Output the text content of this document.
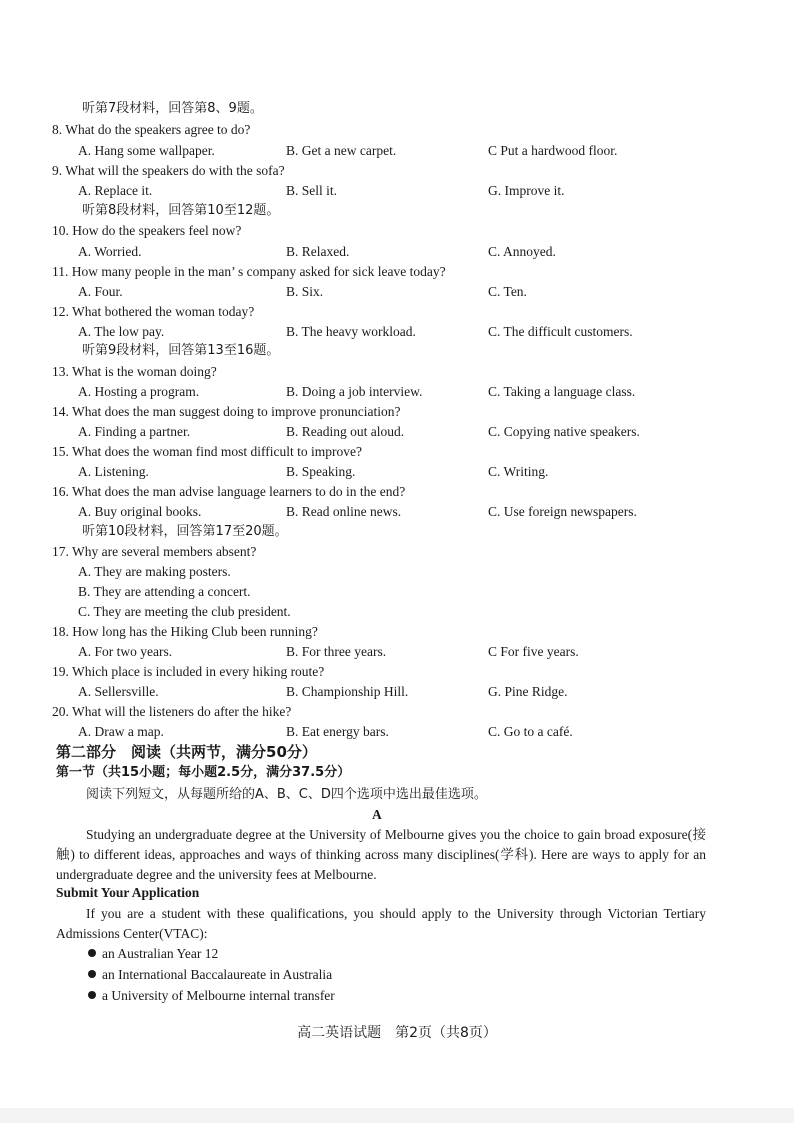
听第7段材料，回答第8、9题。
8. What do the speakers agree to do?
A. Hang some wallpaper.	B. Get a new carpet.	C Put a hardwood floor.
9. What will the speakers do with the sofa?
A. Replace it.	B. Sell it.	G. Improve it.
听第8段材料，回答第10至12题。
10. How do the speakers feel now?
A. Worried.	B. Relaxed.	C. Annoyed.
11. How many people in the man’ s company asked for sick leave today?
A. Four.	B. Six.	C. Ten.
12. What bothered the woman today?
A. The low pay.	B. The heavy workload.	C. The difficult customers.
听第9段材料，回答第13至16题。
13. What is the woman doing?
A. Hosting a program.	B. Doing a job interview.	C. Taking a language class.
14. What does the man suggest doing to improve pronunciation?
A. Finding a partner.	B. Reading out aloud.	C. Copying native speakers.
15. What does the woman find most difficult to improve?
A. Listening.	B. Speaking.	C. Writing.
16. What does the man advise language learners to do in the end?
A. Buy original books.	B. Read online news.	C. Use foreign newspapers.
听第10段材料，回答第17至20题。
17. Why are several members absent?
A. They are making posters.
B. They are attending a concert.
C. They are meeting the club president.
18. How long has the Hiking Club been running?
A. For two years.	B. For three years.	C For five years.
19. Which place is included in every hiking route?
A. Sellersville.	B. Championship Hill.	G. Pine Ridge.
20. What will the listeners do after the hike?
A. Draw a map.	B. Eat energy bars.	C. Go to a café.
第二部分　阅读（共两节，满分50分）
第一节（共15小题；每小题2.5分，满分37.5分）
阅读下列短文，从每题所给的A、B、C、D四个选项中选出最佳选项。
A
Studying an undergraduate degree at the University of Melbourne gives you the choice to gain broad exposure(接触) to different ideas, approaches and ways of thinking across many disciplines(学科). Here are ways to apply for an undergraduate degree and the university fees at Melbourne.
Submit Your Application
If you are a student with these qualifications, you should apply to the University through Victorian Tertiary Admissions Center(VTAC):
an Australian Year 12
an International Baccalaureate in Australia
a University of Melbourne internal transfer
高二英语试题　第2页（共8页）
